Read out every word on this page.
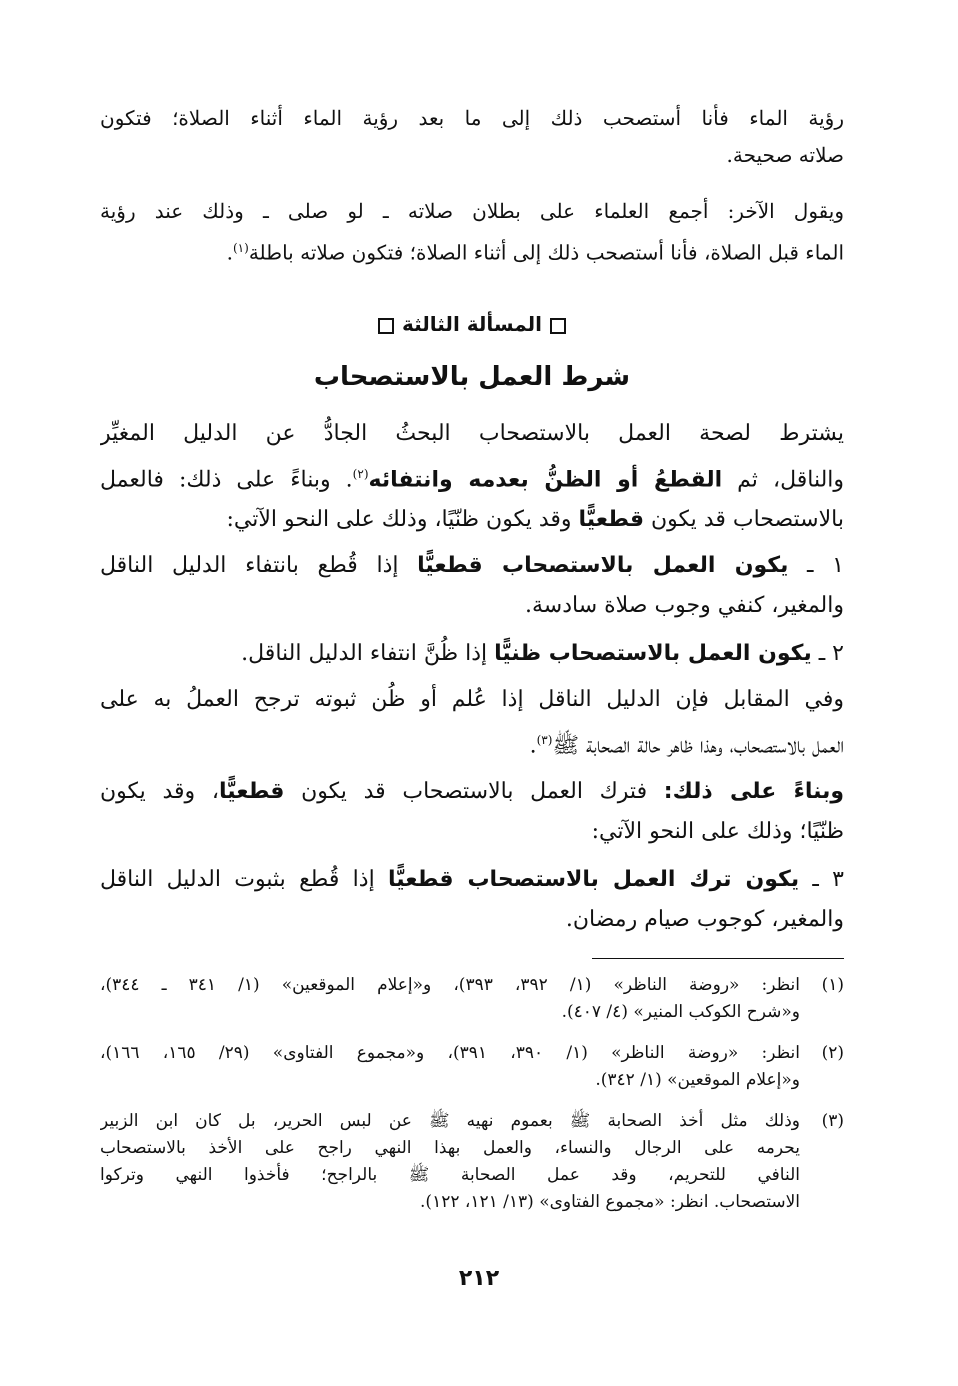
رؤية الماء فأنا أستصحب ذلك إلى ما بعد رؤية الماء أثناء الصلاة؛ فتكون
صلاته صحيحة.
ويقول الآخر: أجمع العلماء على بطلان صلاته ـ لو صلى ـ وذلك عند رؤية
الماء قبل الصلاة، فأنا أستصحب ذلك إلى أثناء الصلاة؛ فتكون صلاته باطلة$^{(١)}$.
المسألة الثالثة
شرط العمل بالاستصحاب
يشترط لصحة العمل بالاستصحاب البحثُ الجادُّ عن الدليل المغيِّر
والناقل، ثم القطعُ أو الظنُّ بعدمه وانتفائه$^{(٢)}$. وبناءً على ذلك: فالعمل
بالاستصحاب قد يكون قطعيًّا وقد يكون ظنّيًا، وذلك على النحو الآتي:
١ ـ يكون العمل بالاستصحاب قطعيًّا إذا قُطع بانتفاء الدليل الناقل
والمغير، كنفي وجوب صلاة سادسة.
٢ ـ يكون العمل بالاستصحاب ظنيًّا إذا ظُنَّ انتفاء الدليل الناقل.
وفي المقابل فإن الدليل الناقل إذا عُلم أو ظُن ثبوته ترجح العملُ به على
العمل بالاستصحاب، وهذا ظاهر حالة الصحابة ﷺ$^{(٣)}$.
وبناءً على ذلك: فترك العمل بالاستصحاب قد يكون قطعيًّا، وقد يكون
ظنّيًا؛ وذلك على النحو الآتي:
٣ ـ يكون ترك العمل بالاستصحاب قطعيًّا إذا قُطع بثبوت الدليل الناقل
والمغير، كوجوب صيام رمضان.
(١)
انظر: «روضة الناظر» (١/ ٣٩٢، ٣٩٣)، و«إعلام الموقعين» (١/ ٣٤١ ـ ٣٤٤)،
و«شرح الكوكب المنير» (٤/ ٤٠٧).
(٢)
انظر: «روضة الناظر» (١/ ٣٩٠، ٣٩١)، و«مجموع الفتاوى» (٢٩/ ١٦٥، ١٦٦)،
و«إعلام الموقعين» (١/ ٣٤٢).
(٣)
وذلك مثل أخذ الصحابة ﷺ بعموم نهيه ﷺ عن لبس الحرير، بل كان ابن الزبير
يحرمه على الرجال والنساء، والعمل بهذا النهي راجح على الأخذ بالاستصحاب
النافي للتحريم، وقد عمل الصحابة ﷺ بالراجح؛ فأخذوا النهي وتركوا
الاستصحاب. انظر: «مجموع الفتاوى» (١٣/ ١٢١، ١٢٢).
٢١٢
